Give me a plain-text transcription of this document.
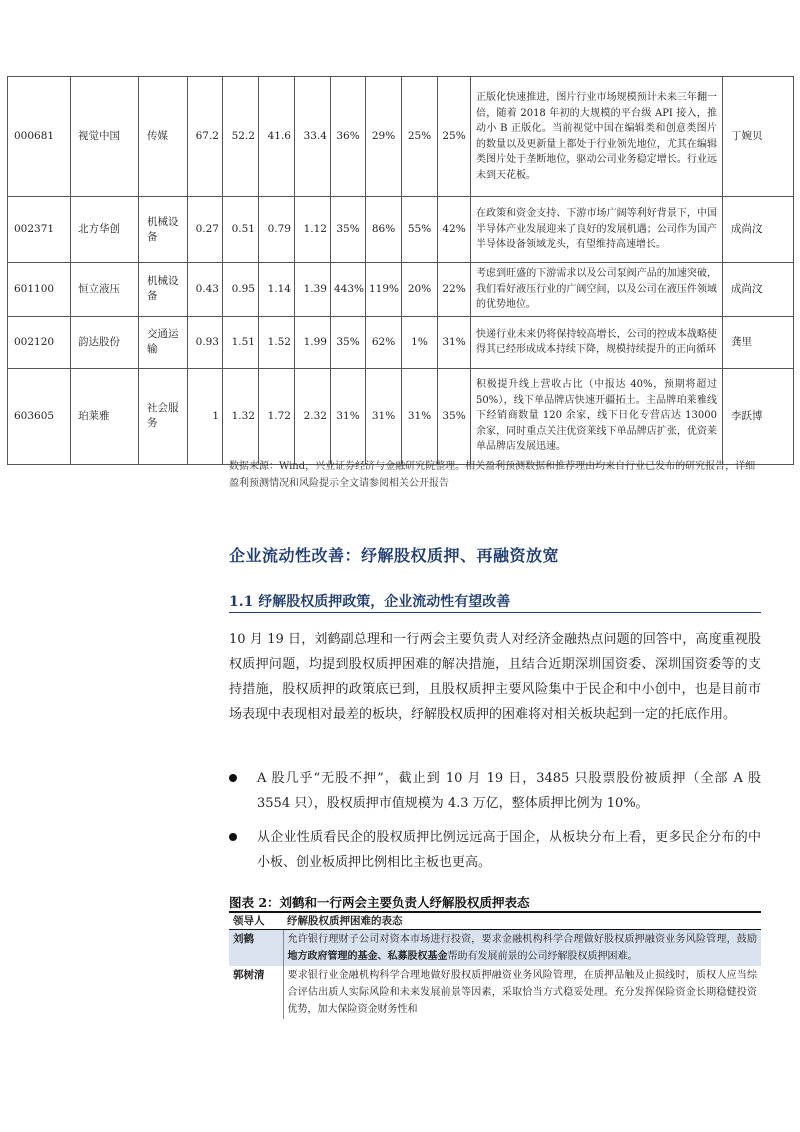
000681	视觉中国	传媒	67.2	52.2	41.6	33.4	36%	29%	25%	25%	正版化快速推进，图片行业市场规模预计未来三年翻一倍，随着 2018 年初的大规模的平台级 API 接入，推动小 B 正版化。当前视觉中国在编辑类和创意类图片的数量以及更新量上都处于行业领先地位，尤其在编辑类图片处于垄断地位，驱动公司业务稳定增长。行业远未到天花板。	丁婉贝
002371	北方华创	机械设备	0.27	0.51	0.79	1.12	35%	86%	55%	42%	在政策和资金支持、下游市场广阔等利好背景下，中国半导体产业发展迎来了良好的发展机遇；公司作为国产半导体设备领域龙头，有望维持高速增长。	成尚汶
601100	恒立液压	机械设备	0.43	0.95	1.14	1.39	443%	119%	20%	22%	考虑到旺盛的下游需求以及公司泵阀产品的加速突破，我们看好液压行业的广阔空间，以及公司在液压件领域的优势地位。	成尚汶
002120	韵达股份	交通运输	0.93	1.51	1.52	1.99	35%	62%	1%	31%	快递行业未来仍将保持较高增长，公司的控成本战略使得其已经形成成本持续下降，规模持续提升的正向循环	龚里
603605	珀莱雅	社会服务	1	1.32	1.72	2.32	31%	31%	31%	35%	积极提升线上营收占比（中报达 40%，预期将超过 50%），线下单品牌店快速开疆拓土。主品牌珀莱雅线下经销商数量 120 余家，线下日化专营店达 13000 余家，同时重点关注优资莱线下单品牌店扩张，优资莱单品牌店发展迅速。	李跃博
数据来源：Wind，兴业证券经济与金融研究院整理。相关盈利预测数据和推荐理由均来自行业已发布的研究报告，详细盈利预测情况和风险提示全文请参阅相关公开报告
企业流动性改善：纾解股权质押、再融资放宽
1.1 纾解股权质押政策，企业流动性有望改善
10 月 19 日，刘鹤副总理和一行两会主要负责人对经济金融热点问题的回答中，高度重视股权质押问题，均提到股权质押困难的解决措施，且结合近期深圳国资委、深圳国资委等的支持措施，股权质押的政策底已到，且股权质押主要风险集中于民企和中小创中，也是目前市场表现中表现相对最差的板块，纾解股权质押的困难将对相关板块起到一定的托底作用。
A 股几乎“无股不押”，截止到 10 月 19 日，3485 只股票股份被质押（全部 A 股 3554 只），股权质押市值规模为 4.3 万亿，整体质押比例为 10%。
从企业性质看民企的股权质押比例远远高于国企，从板块分布上看，更多民企分布的中小板、创业板质押比例相比主板也更高。
图表 2：刘鹤和一行两会主要负责人纾解股权质押表态
领导人	纾解股权质押困难的表态
刘鹤	允许银行理财子公司对资本市场进行投资，要求金融机构科学合理做好股权质押融资业务风险管理，鼓励地方政府管理的基金、私募股权基金帮助有发展前景的公司纾解股权质押困难。
郭树清	要求银行业金融机构科学合理地做好股权质押融资业务风险管理，在质押品触及止损线时，质权人应当综合评估出质人实际风险和未来发展前景等因素，采取恰当方式稳妥处理。充分发挥保险资金长期稳健投资优势，加大保险资金财务性和
